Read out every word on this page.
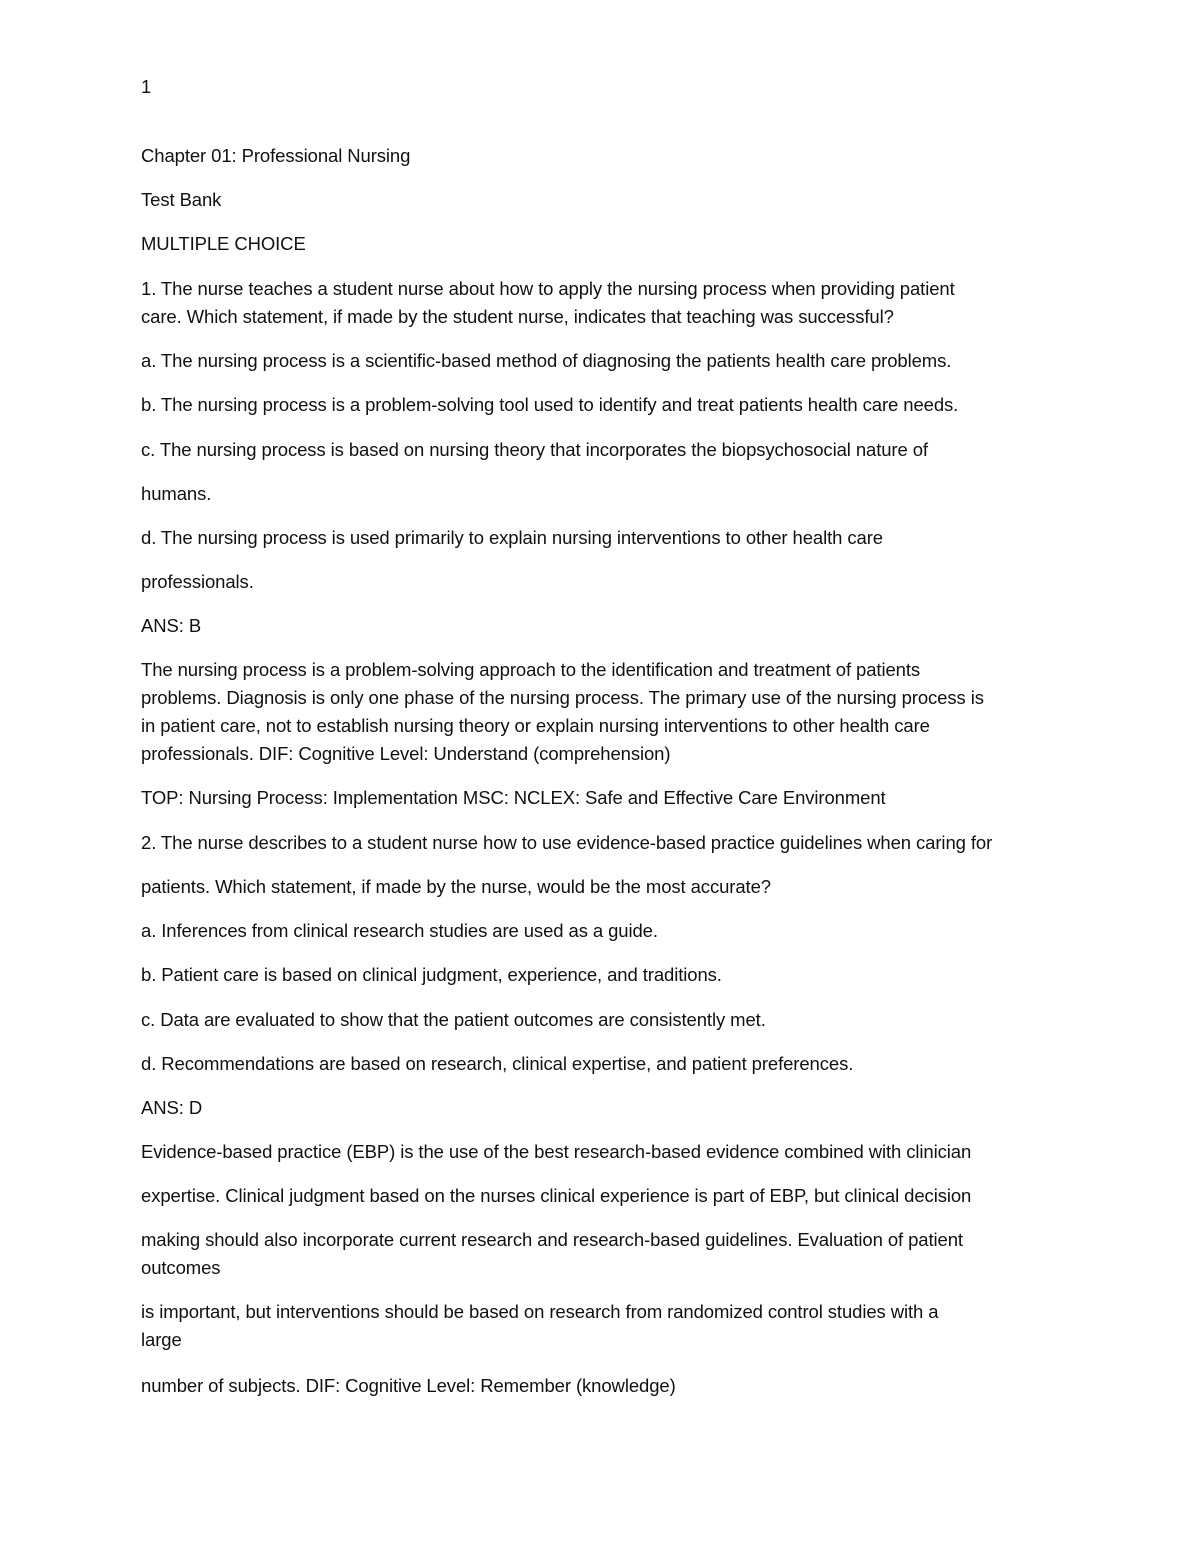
1
Chapter 01: Professional Nursing
Test Bank
MULTIPLE CHOICE
1. The nurse teaches a student nurse about how to apply the nursing process when providing patient
care. Which statement, if made by the student nurse, indicates that teaching was successful?
a. The nursing process is a scientific-based method of diagnosing the patients health care problems.
b. The nursing process is a problem-solving tool used to identify and treat patients health care needs.
c. The nursing process is based on nursing theory that incorporates the biopsychosocial nature of
humans.
d. The nursing process is used primarily to explain nursing interventions to other health care
professionals.
ANS: B
The nursing process is a problem-solving approach to the identification and treatment of patients
problems. Diagnosis is only one phase of the nursing process. The primary use of the nursing process is
in patient care, not to establish nursing theory or explain nursing interventions to other health care
professionals. DIF: Cognitive Level: Understand (comprehension)
TOP: Nursing Process: Implementation MSC: NCLEX: Safe and Effective Care Environment
2. The nurse describes to a student nurse how to use evidence-based practice guidelines when caring for
patients. Which statement, if made by the nurse, would be the most accurate?
a. Inferences from clinical research studies are used as a guide.
b. Patient care is based on clinical judgment, experience, and traditions.
c. Data are evaluated to show that the patient outcomes are consistently met.
d. Recommendations are based on research, clinical expertise, and patient preferences.
ANS: D
Evidence-based practice (EBP) is the use of the best research-based evidence combined with clinician
expertise. Clinical judgment based on the nurses clinical experience is part of EBP, but clinical decision
making should also incorporate current research and research-based guidelines. Evaluation of patient
outcomes
is important, but interventions should be based on research from randomized control studies with a
large
number of subjects. DIF: Cognitive Level: Remember (knowledge)
